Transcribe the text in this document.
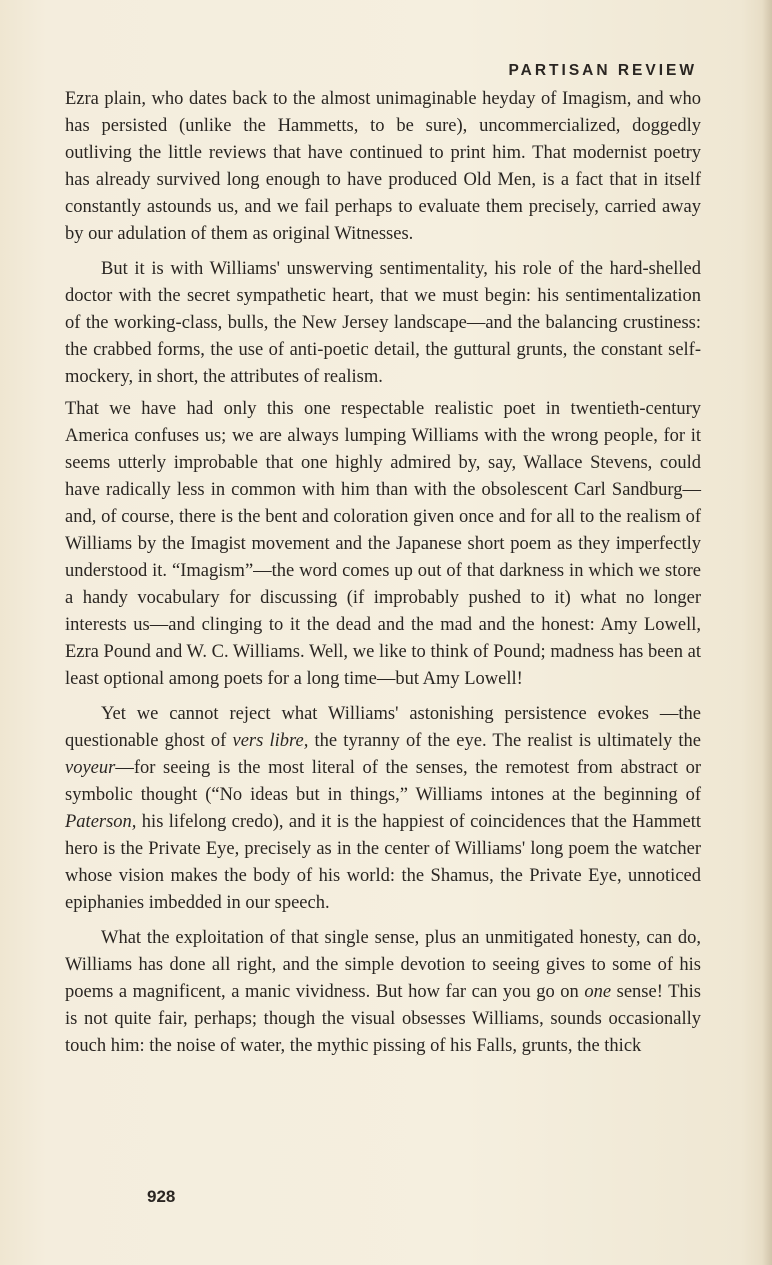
PARTISAN REVIEW

Ezra plain, who dates back to the almost unimaginable heyday of Imagism, and who has persisted (unlike the Hammetts, to be sure), uncommercialized, doggedly outliving the little reviews that have continued to print him. That modernist poetry has already survived long enough to have produced Old Men, is a fact that in itself constantly astounds us, and we fail perhaps to evaluate them precisely, carried away by our adulation of them as original Witnesses.

But it is with Williams' unswerving sentimentality, his role of the hard-shelled doctor with the secret sympathetic heart, that we must begin: his sentimentalization of the working-class, bulls, the New Jersey landscape—and the balancing crustiness: the crabbed forms, the use of anti-poetic detail, the guttural grunts, the constant self-mockery, in short, the attributes of realism.

That we have had only this one respectable realistic poet in twentieth-century America confuses us; we are always lumping Williams with the wrong people, for it seems utterly improbable that one highly admired by, say, Wallace Stevens, could have radically less in common with him than with the obsolescent Carl Sandburg—and, of course, there is the bent and coloration given once and for all to the realism of Williams by the Imagist movement and the Japanese short poem as they imperfectly understood it. “Imagism”—the word comes up out of that darkness in which we store a handy vocabulary for discussing (if improbably pushed to it) what no longer interests us—and clinging to it the dead and the mad and the honest: Amy Lowell, Ezra Pound and W. C. Williams. Well, we like to think of Pound; madness has been at least optional among poets for a long time—but Amy Lowell!

Yet we cannot reject what Williams' astonishing persistence evokes —the questionable ghost of vers libre, the tyranny of the eye. The realist is ultimately the voyeur—for seeing is the most literal of the senses, the remotest from abstract or symbolic thought (“No ideas but in things,” Williams intones at the beginning of Paterson, his lifelong credo), and it is the happiest of coincidences that the Hammett hero is the Private Eye, precisely as in the center of Williams' long poem the watcher whose vision makes the body of his world: the Shamus, the Private Eye, unnoticed epiphanies imbedded in our speech.

What the exploitation of that single sense, plus an unmitigated honesty, can do, Williams has done all right, and the simple devotion to seeing gives to some of his poems a magnificent, a manic vividness. But how far can you go on one sense! This is not quite fair, perhaps; though the visual obsesses Williams, sounds occasionally touch him: the noise of water, the mythic pissing of his Falls, grunts, the thick

928
